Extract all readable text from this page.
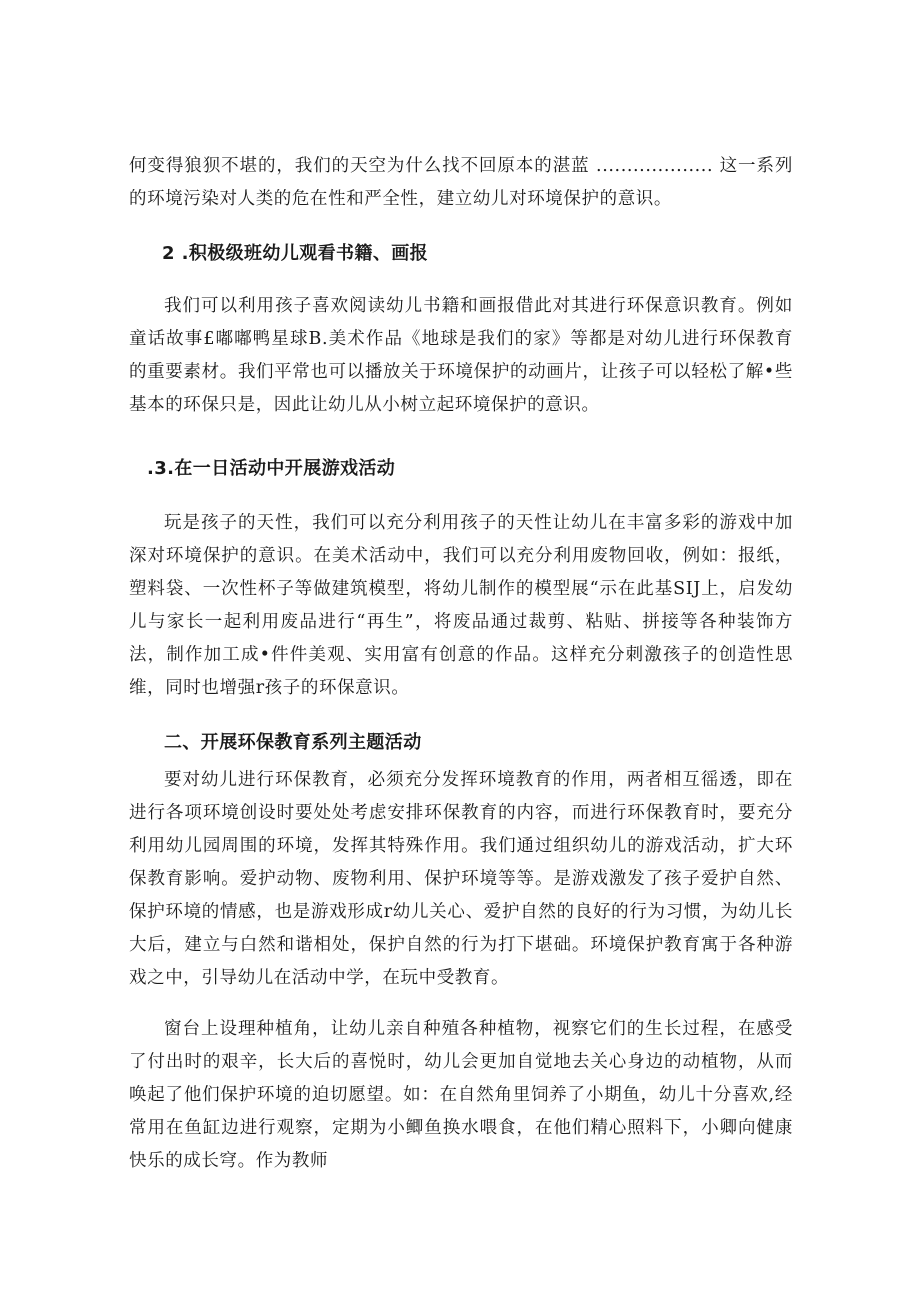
何变得狼狈不堪的，我们的天空为什么找不回原本的湛蓝 ................... 这一系列的环境污染对人类的危在性和严全性，建立幼儿对环境保护的意识。

2 .积极级班幼儿观看书籍、画报

我们可以利用孩子喜欢阅读幼儿书籍和画报借此对其进行环保意识教育。例如童话故事£嘟嘟鸭星球B.美术作品《地球是我们的家》等都是对幼儿进行环保教育的重要素材。我们平常也可以播放关于环境保护的动画片，让孩子可以轻松了解•些基本的环保只是，因此让幼儿从小树立起环境保护的意识。

.3.在一日活动中开展游戏活动

玩是孩子的天性，我们可以充分利用孩子的天性让幼儿在丰富多彩的游戏中加深对环境保护的意识。在美术活动中，我们可以充分利用废物回收，例如：报纸，塑料袋、一次性杯子等做建筑模型，将幼儿制作的模型展“示在此基SIJ上，启发幼儿与家长一起利用废品进行“再生”，将废品通过裁剪、粘贴、拼接等各种装饰方法，制作加工成•件件美观、实用富有创意的作品。这样充分刺激孩子的创造性思维，同时也增强r孩子的环保意识。

二、开展环保教育系列主题活动

要对幼儿进行环保教育，必须充分发挥环境教育的作用，两者相互徭透，即在进行各项环境创设时要处处考虑安排环保教育的内容，而进行环保教育时，要充分利用幼儿园周围的环境，发挥其特殊作用。我们通过组织幼儿的游戏活动，扩大环保教育影响。爱护动物、废物利用、保护环境等等。是游戏激发了孩子爱护自然、保护环境的情感，也是游戏形成r幼儿关心、爱护自然的良好的行为习惯，为幼儿长大后，建立与白然和谐相处，保护自然的行为打下堪础。环境保护教育寓于各种游戏之中，引导幼儿在活动中学，在玩中受教育。

窗台上设理种植角，让幼儿亲自种殖各种植物，视察它们的生长过程，在感受了付出时的艰辛，长大后的喜悦时，幼儿会更加自觉地去关心身边的动植物，从而唤起了他们保护环境的迫切愿望。如：在自然角里饲养了小期鱼，幼儿十分喜欢,经常用在鱼缸边进行观察，定期为小鲫鱼换水喂食，在他们精心照料下，小卿向健康快乐的成长穹。作为教师
